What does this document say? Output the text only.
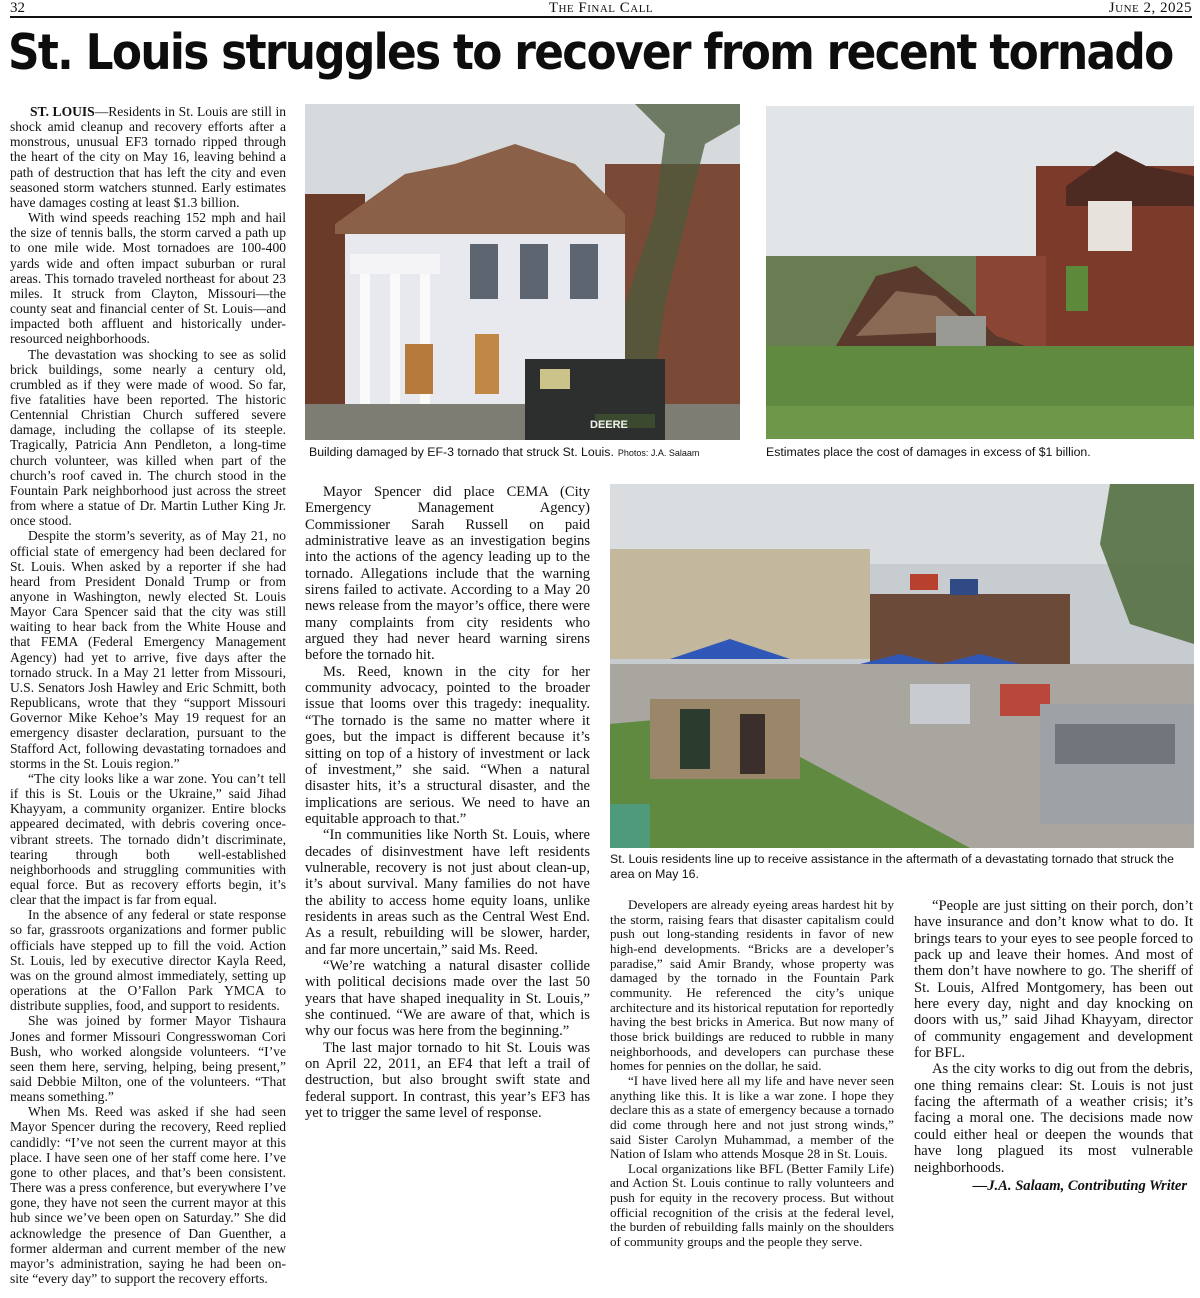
32	The Final Call	June 2, 2025
St. Louis struggles to recover from recent tornado

ST. LOUIS—Residents in St. Louis are still in shock amid cleanup and recovery efforts after a monstrous, unusual EF3 tornado ripped through the heart of the city on May 16, leaving behind a path of destruction that has left the city and even seasoned storm watchers stunned. Early estimates have damages costing at least $1.3 billion.

With wind speeds reaching 152 mph and hail the size of tennis balls, the storm carved a path up to one mile wide. Most tornadoes are 100-400 yards wide and often impact suburban or rural areas. This tornado traveled northeast for about 23 miles. It struck from Clayton, Missouri—the county seat and financial center of St. Louis—and impacted both affluent and historically under-resourced neighborhoods.

The devastation was shocking to see as solid brick buildings, some nearly a century old, crumbled as if they were made of wood. So far, five fatalities have been reported. The historic Centennial Christian Church suffered severe damage, including the collapse of its steeple. Tragically, Patricia Ann Pendleton, a long-time church volunteer, was killed when part of the church’s roof caved in. The church stood in the Fountain Park neighborhood just across the street from where a statue of Dr. Martin Luther King Jr. once stood.

Despite the storm’s severity, as of May 21, no official state of emergency had been declared for St. Louis. When asked by a reporter if she had heard from President Donald Trump or from anyone in Washington, newly elected St. Louis Mayor Cara Spencer said that the city was still waiting to hear back from the White House and that FEMA (Federal Emergency Management Agency) had yet to arrive, five days after the tornado struck. In a May 21 letter from Missouri, U.S. Senators Josh Hawley and Eric Schmitt, both Republicans, wrote that they “support Missouri Governor Mike Kehoe’s May 19 request for an emergency disaster declaration, pursuant to the Stafford Act, following devastating tornadoes and storms in the St. Louis region.”

“The city looks like a war zone. You can’t tell if this is St. Louis or the Ukraine,” said Jihad Khayyam, a community organizer. Entire blocks appeared decimated, with debris covering once-vibrant streets. The tornado didn’t discriminate, tearing through both well-established neighborhoods and struggling communities with equal force. But as recovery efforts begin, it’s clear that the impact is far from equal.

In the absence of any federal or state response so far, grassroots organizations and former public officials have stepped up to fill the void. Action St. Louis, led by executive director Kayla Reed, was on the ground almost immediately, setting up operations at the O’Fallon Park YMCA to distribute supplies, food, and support to residents.

She was joined by former Mayor Tishaura Jones and former Missouri Congresswoman Cori Bush, who worked alongside volunteers. “I’ve seen them here, serving, helping, being present,” said Debbie Milton, one of the volunteers. “That means something.”

When Ms. Reed was asked if she had seen Mayor Spencer during the recovery, Reed replied candidly: “I’ve not seen the current mayor at this place. I have seen one of her staff come here. I’ve gone to other places, and that’s been consistent. There was a press conference, but everywhere I’ve gone, they have not seen the current mayor at this hub since we’ve been open on Saturday.” She did acknowledge the presence of Dan Guenther, a former alderman and current member of the new mayor’s administration, saying he had been on-site “every day” to support the recovery efforts.

Mayor Spencer did place CEMA (City Emergency Management Agency) Commissioner Sarah Russell on paid administrative leave as an investigation begins into the actions of the agency leading up to the tornado. Allegations include that the warning sirens failed to activate. According to a May 20 news release from the mayor’s office, there were many complaints from city residents who argued they had never heard warning sirens before the tornado hit.

Ms. Reed, known in the city for her community advocacy, pointed to the broader issue that looms over this tragedy: inequality. “The tornado is the same no matter where it goes, but the impact is different because it’s sitting on top of a history of investment or lack of investment,” she said. “When a natural disaster hits, it’s a structural disaster, and the implications are serious. We need to have an equitable approach to that.”

“In communities like North St. Louis, where decades of disinvestment have left residents vulnerable, recovery is not just about clean-up, it’s about survival. Many families do not have the ability to access home equity loans, unlike residents in areas such as the Central West End. As a result, rebuilding will be slower, harder, and far more uncertain,” said Ms. Reed.

“We’re watching a natural disaster collide with political decisions made over the last 50 years that have shaped inequality in St. Louis,” she continued. “We are aware of that, which is why our focus was here from the beginning.”

The last major tornado to hit St. Louis was on April 22, 2011, an EF4 that left a trail of destruction, but also brought swift state and federal support. In contrast, this year’s EF3 has yet to trigger the same level of response.

Developers are already eyeing areas hardest hit by the storm, raising fears that disaster capitalism could push out long-standing residents in favor of new high-end developments. “Bricks are a developer’s paradise,” said Amir Brandy, whose property was damaged by the tornado in the Fountain Park community. He referenced the city’s unique architecture and its historical reputation for reportedly having the best bricks in America. But now many of those brick buildings are reduced to rubble in many neighborhoods, and developers can purchase these homes for pennies on the dollar, he said.

“I have lived here all my life and have never seen anything like this. It is like a war zone. I hope they declare this as a state of emergency because a tornado did come through here and not just strong winds,” said Sister Carolyn Muhammad, a member of the Nation of Islam who attends Mosque 28 in St. Louis.

Local organizations like BFL (Better Family Life) and Action St. Louis continue to rally volunteers and push for equity in the recovery process. But without official recognition of the crisis at the federal level, the burden of rebuilding falls mainly on the shoulders of community groups and the people they serve.

“People are just sitting on their porch, don’t have insurance and don’t know what to do. It brings tears to your eyes to see people forced to pack up and leave their homes. And most of them don’t have nowhere to go. The sheriff of St. Louis, Alfred Montgomery, has been out here every day, night and day knocking on doors with us,” said Jihad Khayyam, director of community engagement and development for BFL.

As the city works to dig out from the debris, one thing remains clear: St. Louis is not just facing the aftermath of a weather crisis; it’s facing a moral one. The decisions made now could either heal or deepen the wounds that have long plagued its most vulnerable neighborhoods.

—J.A. Salaam, Contributing Writer
DEERE
Building damaged by EF-3 tornado that struck St. Louis. Photos: J.A. Salaam	Estimates place the cost of damages in excess of $1 billion.
St. Louis residents line up to receive assistance in the aftermath of a devastating tornado that struck the area on May 16.
